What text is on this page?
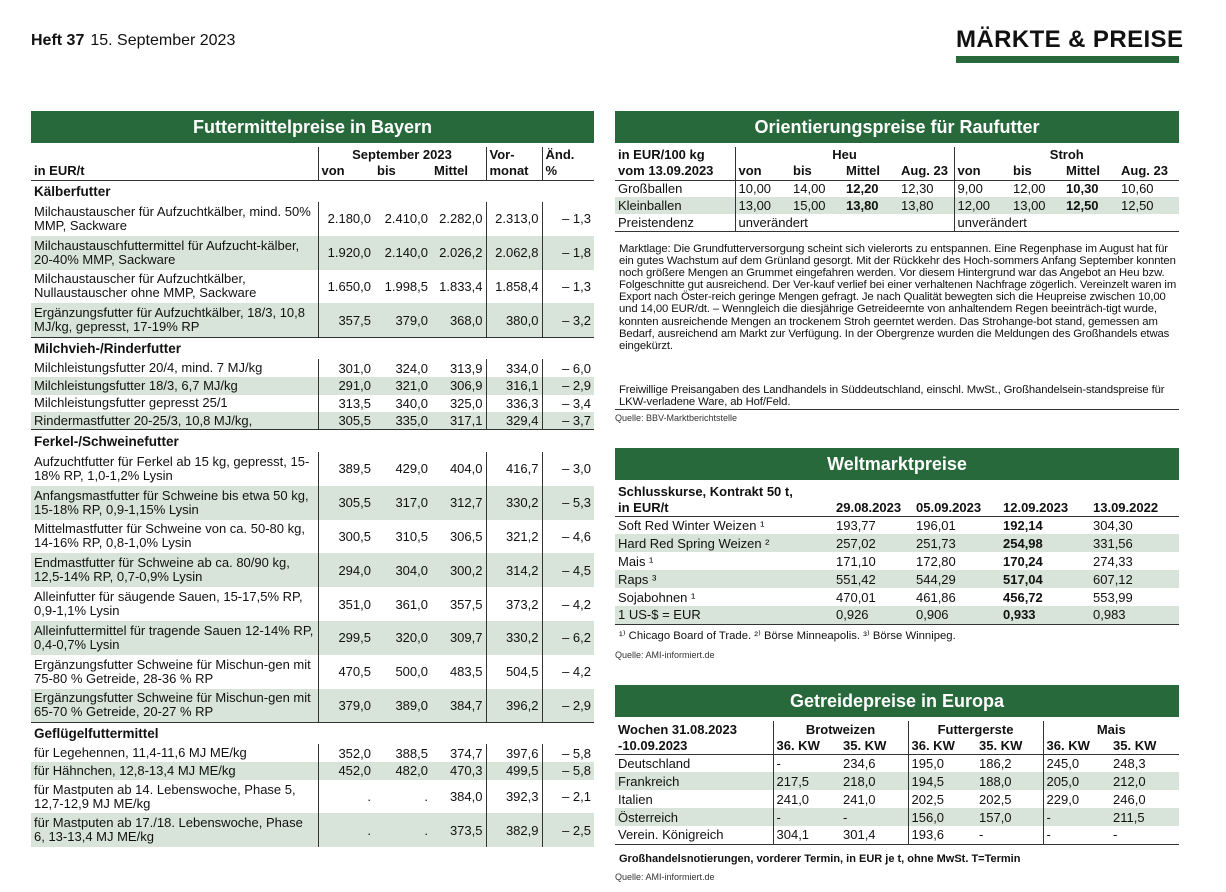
Heft 37 15. September 2023	MÄRKTE & PREISE
Futtermittelpreise in Bayern
	September 2023			Vor-	Änd.
in EUR/t	von	bis	Mittel	monat	%
Kälberfutter					
Milchaustauscher für Aufzuchtkälber, mind. 50% MMP, Sackware	2.180,0	2.410,0	2.282,0	2.313,0	– 1,3
Milchaustauschfuttermittel für Aufzucht-kälber, 20-40% MMP, Sackware	1.920,0	2.140,0	2.026,2	2.062,8	– 1,8
Milchaustauscher für Aufzuchtkälber, Nullaustauscher ohne MMP, Sackware	1.650,0	1.998,5	1.833,4	1.858,4	– 1,3
Ergänzungsfutter für Aufzuchtkälber, 18/3, 10,8 MJ/kg, gepresst, 17-19% RP	357,5	379,0	368,0	380,0	– 3,2
Milchvieh-/Rinderfutter					
Milchleistungsfutter 20/4, mind. 7 MJ/kg	301,0	324,0	313,9	334,0	– 6,0
Milchleistungsfutter 18/3, 6,7 MJ/kg	291,0	321,0	306,9	316,1	– 2,9
Milchleistungsfutter gepresst 25/1	313,5	340,0	325,0	336,3	– 3,4
Rindermastfutter 20-25/3, 10,8 MJ/kg,	305,5	335,0	317,1	329,4	– 3,7
Ferkel-/Schweinefutter					
Aufzuchtfutter für Ferkel ab 15 kg, gepresst, 15-18% RP, 1,0-1,2% Lysin	389,5	429,0	404,0	416,7	– 3,0
Anfangsmastfutter für Schweine bis etwa 50 kg, 15-18% RP, 0,9-1,15% Lysin	305,5	317,0	312,7	330,2	– 5,3
Mittelmastfutter für Schweine von ca. 50-80 kg, 14-16% RP, 0,8-1,0% Lysin	300,5	310,5	306,5	321,2	– 4,6
Endmastfutter für Schweine ab ca. 80/90 kg, 12,5-14% RP, 0,7-0,9% Lysin	294,0	304,0	300,2	314,2	– 4,5
Alleinfutter für säugende Sauen, 15-17,5% RP, 0,9-1,1% Lysin	351,0	361,0	357,5	373,2	– 4,2
Alleinfuttermittel für tragende Sauen 12-14% RP, 0,4-0,7% Lysin	299,5	320,0	309,7	330,2	– 6,2
Ergänzungsfutter Schweine für Mischun-gen mit 75-80 % Getreide, 28-36 % RP	470,5	500,0	483,5	504,5	– 4,2
Ergänzungsfutter Schweine für Mischun-gen mit 65-70 % Getreide, 20-27 % RP	379,0	389,0	384,7	396,2	– 2,9
Geflügelfuttermittel					
für Legehennen, 11,4-11,6 MJ ME/kg	352,0	388,5	374,7	397,6	– 5,8
für Hähnchen, 12,8-13,4 MJ ME/kg	452,0	482,0	470,3	499,5	– 5,8
für Mastputen ab 14. Lebenswoche, Phase 5, 12,7-12,9 MJ ME/kg	.	.	384,0	392,3	– 2,1
für Mastputen ab 17./18. Lebenswoche, Phase 6, 13-13,4 MJ ME/kg	.	.	373,5	382,9	– 2,5
Orientierungspreise für Raufutter
in EUR/100 kg	Heu				Stroh			
vom 13.09.2023	von	bis	Mittel	Aug. 23	von	bis	Mittel	Aug. 23
Großballen	10,00	14,00	12,20	12,30	9,00	12,00	10,30	10,60
Kleinballen	13,00	15,00	13,80	13,80	12,00	13,00	12,50	12,50
Preistendenz	unverändert				unverändert			
Marktlage: Die Grundfutterversorgung scheint sich vielerorts zu entspannen. Eine Regenphase im August hat für ein gutes Wachstum auf dem Grünland gesorgt. Mit der Rückkehr des Hoch-sommers Anfang September konnten noch größere Mengen an Grummet eingefahren werden. Vor diesem Hintergrund war das Angebot an Heu bzw. Folgeschnitte gut ausreichend. Der Ver-kauf verlief bei einer verhaltenen Nachfrage zögerlich. Vereinzelt waren im Export nach Öster-reich geringe Mengen gefragt. Je nach Qualität bewegten sich die Heupreise zwischen 10,00 und 14,00 EUR/dt. – Wenngleich die diesjährige Getreideernte von anhaltendem Regen beeinträch-tigt wurde, konnten ausreichende Mengen an trockenem Stroh geerntet werden. Das Strohange-bot stand, gemessen am Bedarf, ausreichend am Markt zur Verfügung. In der Obergrenze wurden die Meldungen des Großhandels etwas eingekürzt.
Freiwillige Preisangaben des Landhandels in Süddeutschland, einschl. MwSt., Großhandelsein-standspreise für LKW-verladene Ware, ab Hof/Feld.
Quelle: BBV-Marktberichtstelle
Weltmarktpreise
Schlusskurse, Kontrakt 50 t,				
in EUR/t	29.08.2023	05.09.2023	12.09.2023	13.09.2022
Soft Red Winter Weizen ¹	193,77	196,01	192,14	304,30
Hard Red Spring Weizen ²	257,02	251,73	254,98	331,56
Mais ¹	171,10	172,80	170,24	274,33
Raps ³	551,42	544,29	517,04	607,12
Sojabohnen ¹	470,01	461,86	456,72	553,99
1 US-$ = EUR	0,926	0,906	0,933	0,983
¹⁾ Chicago Board of Trade. ²⁾ Börse Minneapolis. ³⁾ Börse Winnipeg.
Quelle: AMI-informiert.de
Getreidepreise in Europa
Wochen 31.08.2023	Brotweizen		Futtergerste		Mais	
-10.09.2023	36. KW	35. KW	36. KW	35. KW	36. KW	35. KW
Deutschland	-	234,6	195,0	186,2	245,0	248,3
Frankreich	217,5	218,0	194,5	188,0	205,0	212,0
Italien	241,0	241,0	202,5	202,5	229,0	246,0
Österreich	-	-	156,0	157,0	-	211,5
Verein. Königreich	304,1	301,4	193,6	-	-	-
Großhandelsnotierungen, vorderer Termin, in EUR je t, ohne MwSt. T=Termin
Quelle: AMI-informiert.de
